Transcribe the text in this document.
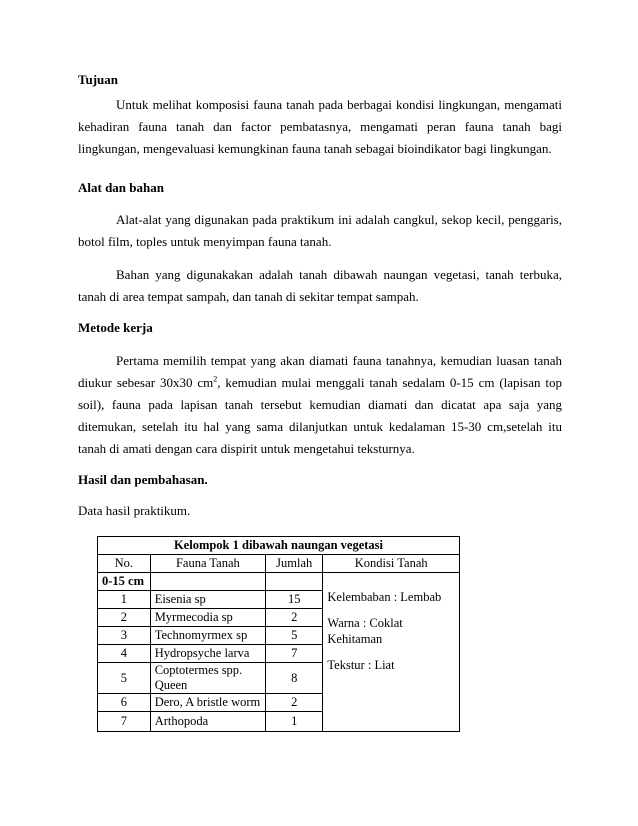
Tujuan
Untuk melihat komposisi fauna tanah pada berbagai kondisi lingkungan, mengamati kehadiran fauna tanah dan factor pembatasnya, mengamati peran fauna tanah bagi lingkungan, mengevaluasi kemungkinan fauna tanah sebagai bioindikator bagi lingkungan.
Alat dan bahan
Alat-alat yang digunakan pada praktikum ini adalah cangkul, sekop kecil, penggaris, botol film, toples untuk menyimpan fauna tanah.
Bahan yang digunakakan adalah tanah dibawah naungan vegetasi, tanah terbuka, tanah di area tempat sampah, dan tanah di sekitar tempat sampah.
Metode kerja
Pertama memilih tempat yang akan diamati fauna tanahnya, kemudian luasan tanah diukur sebesar 30x30 $cm^2$, kemudian mulai menggali tanah sedalam 0-15 cm (lapisan top soil), fauna pada lapisan tanah tersebut kemudian diamati dan dicatat apa saja yang ditemukan, setelah itu hal yang sama dilanjutkan untuk kedalaman 15-30 cm,setelah itu tanah di amati dengan cara dispirit untuk mengetahui teksturnya.
Hasil dan pembahasan.
Data hasil praktikum.
Kelompok 1 dibawah naungan vegetasi			
No.	Fauna Tanah	Jumlah	Kondisi Tanah
0-15 cm			Kelembaban : Lembab
Warna : Coklat Kehitaman
Tekstur : Liat

1	Eisenia sp	15	
2	Myrmecodia sp	2	
3	Technomyrmex sp	5	
4	Hydropsyche larva	7	
5	Coptotermes spp. Queen	8	
6	Dero, A bristle worm	2	
7	Arthopoda	1	
